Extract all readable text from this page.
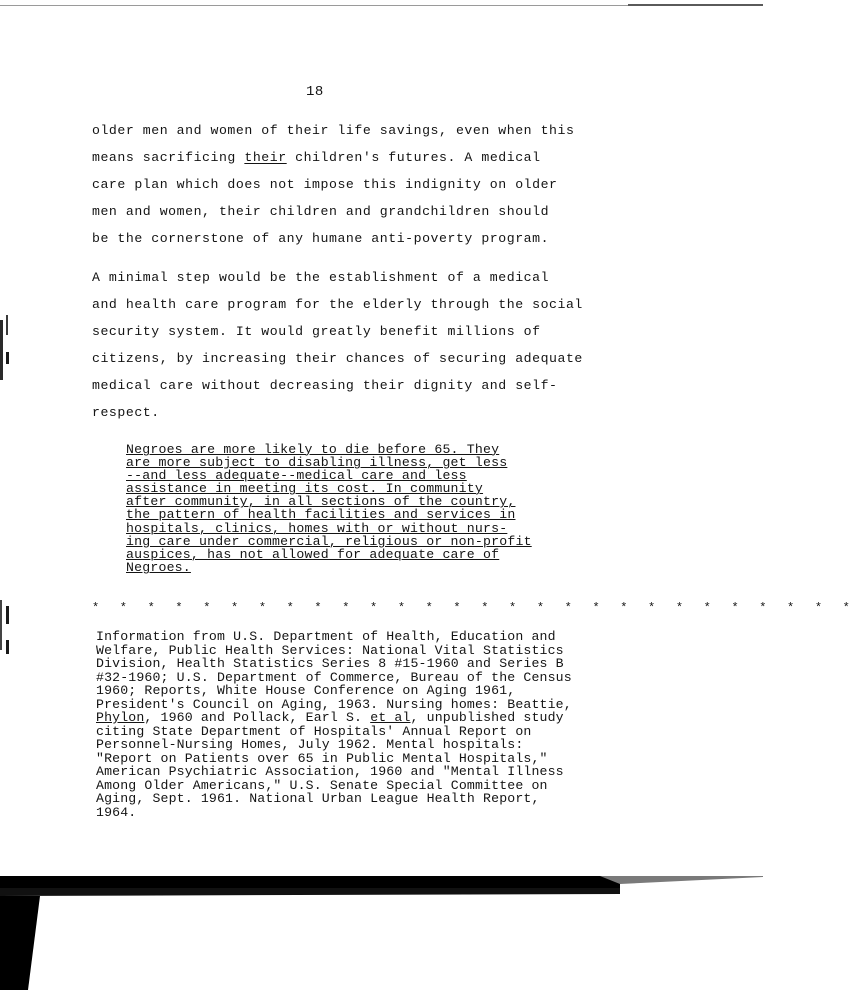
18
older men and women of their life savings, even when this
means sacrificing their children's futures. A medical
care plan which does not impose this indignity on older
men and women, their children and grandchildren should
be the cornerstone of any humane anti-poverty program.
A minimal step would be the establishment of a medical
and health care program for the elderly through the social
security system. It would greatly benefit millions of
citizens, by increasing their chances of securing adequate
medical care without decreasing their dignity and self-
respect.
Negroes are more likely to die before 65. They
are more subject to disabling illness, get less
--and less adequate--medical care and less
assistance in meeting its cost. In community
after community, in all sections of the country,
the pattern of health facilities and services in
hospitals, clinics, homes with or without nurs-
ing care under commercial, religious or non-profit
auspices, has not allowed for adequate care of
Negroes.
* * * * * * * * * * * * * * * * * * * * * * * * * * * *
Information from U.S. Department of Health, Education and
Welfare, Public Health Services: National Vital Statistics
Division, Health Statistics Series 8 #15-1960 and Series B
#32-1960; U.S. Department of Commerce, Bureau of the Census
1960; Reports, White House Conference on Aging 1961,
President's Council on Aging, 1963. Nursing homes: Beattie,
Phylon, 1960 and Pollack, Earl S. et al, unpublished study
citing State Department of Hospitals' Annual Report on
Personnel-Nursing Homes, July 1962. Mental hospitals:
"Report on Patients over 65 in Public Mental Hospitals,"
American Psychiatric Association, 1960 and "Mental Illness
Among Older Americans," U.S. Senate Special Committee on
Aging, Sept. 1961. National Urban League Health Report,
1964.
